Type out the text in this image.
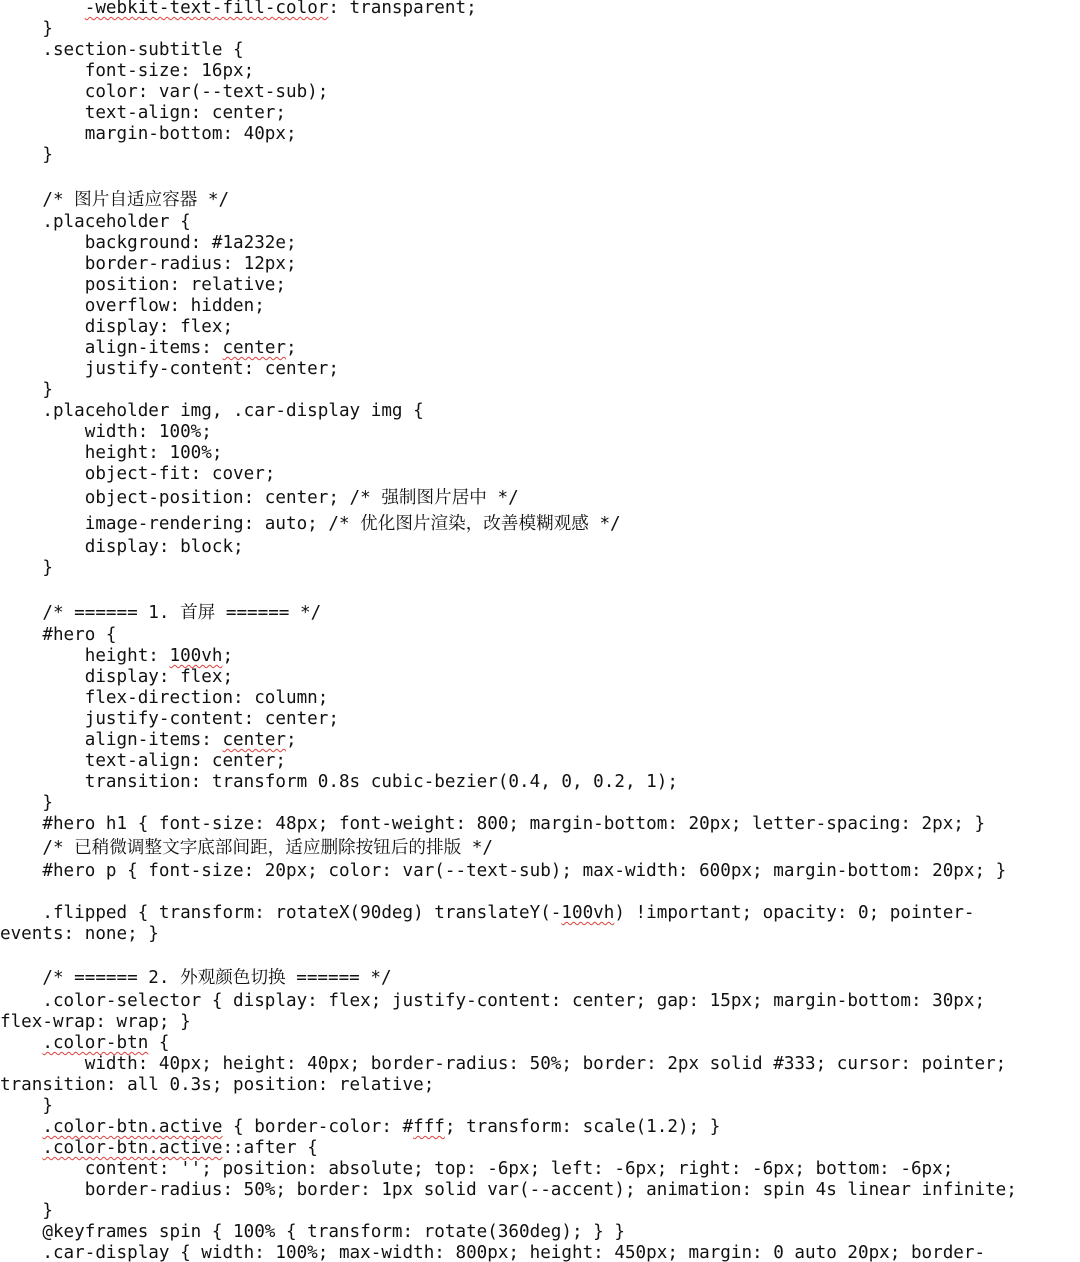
-webkit-text-fill-color: transparent;
}
.section-subtitle {
font-size: 16px;
color: var(--text-sub);
text-align: center;
margin-bottom: 40px;
}
/* 图片自适应容器 */
.placeholder {
background: #1a232e;
border-radius: 12px;
position: relative;
overflow: hidden;
display: flex;
align-items: center;
justify-content: center;
}
.placeholder img, .car-display img {
width: 100%;
height: 100%;
object-fit: cover;
object-position: center; /* 强制图片居中 */
image-rendering: auto; /* 优化图片渲染，改善模糊观感 */
display: block;
}
/* ====== 1. 首屏 ====== */
#hero {
height: 100vh;
display: flex;
flex-direction: column;
justify-content: center;
align-items: center;
text-align: center;
transition: transform 0.8s cubic-bezier(0.4, 0, 0.2, 1);
}
#hero h1 { font-size: 48px; font-weight: 800; margin-bottom: 20px; letter-spacing: 2px; }
/* 已稍微调整文字底部间距，适应删除按钮后的排版 */
#hero p { font-size: 20px; color: var(--text-sub); max-width: 600px; margin-bottom: 20px; }
.flipped { transform: rotateX(90deg) translateY(-100vh) !important; opacity: 0; pointer-
events: none; }
/* ====== 2. 外观颜色切换 ====== */
.color-selector { display: flex; justify-content: center; gap: 15px; margin-bottom: 30px;
flex-wrap: wrap; }
.color-btn {
width: 40px; height: 40px; border-radius: 50%; border: 2px solid #333; cursor: pointer;
transition: all 0.3s; position: relative;
}
.color-btn.active { border-color: #fff; transform: scale(1.2); }
.color-btn.active::after {
content: ''; position: absolute; top: -6px; left: -6px; right: -6px; bottom: -6px;
border-radius: 50%; border: 1px solid var(--accent); animation: spin 4s linear infinite;
}
@keyframes spin { 100% { transform: rotate(360deg); } }
.car-display { width: 100%; max-width: 800px; height: 450px; margin: 0 auto 20px; border-
